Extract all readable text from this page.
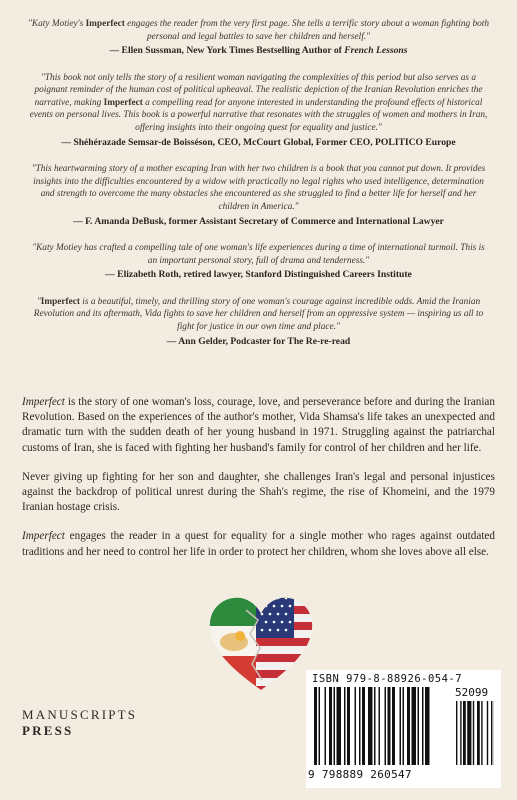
"Katy Motiey's Imperfect engages the reader from the very first page. She tells a terrific story about a woman fighting both personal and legal battles to save her children and herself."

— Ellen Sussman, New York Times Bestselling Author of French Lessons

"This book not only tells the story of a resilient woman navigating the complexities of this period but also serves as a poignant reminder of the human cost of political upheaval. The realistic depiction of the Iranian Revolution enriches the narrative, making Imperfect a compelling read for anyone interested in understanding the profound effects of historical events on personal lives. This book is a powerful narrative that resonates with the struggles of women and mothers in Iran, offering insights into their ongoing quest for equality and justice."

— Shéhérazade Semsar-de Boisséson, CEO, McCourt Global, Former CEO, POLITICO Europe

"This heartwarming story of a mother escaping Iran with her two children is a book that you cannot put down. It provides insights into the difficulties encountered by a widow with practically no legal rights who used intelligence, determination and strength to overcome the many obstacles she encountered as she struggled to find a better life for herself and her children in America."

— F. Amanda DeBusk, former Assistant Secretary of Commerce and International Lawyer

"Katy Motiey has crafted a compelling tale of one woman's life experiences during a time of international turmoil. This is an important personal story, full of drama and tenderness."

— Elizabeth Roth, retired lawyer, Stanford Distinguished Careers Institute

"Imperfect is a beautiful, timely, and thrilling story of one woman's courage against incredible odds. Amid the Iranian Revolution and its aftermath, Vida fights to save her children and herself from an oppressive system — inspiring us all to fight for justice in our own time and place."

— Ann Gelder, Podcaster for The Re-re-read

Imperfect is the story of one woman's loss, courage, love, and perseverance before and during the Iranian Revolution. Based on the experiences of the author's mother, Vida Shamsa's life takes an unexpected and dramatic turn with the sudden death of her young husband in 1971. Struggling against the patriarchal customs of Iran, she is faced with fighting her husband's family for control of her children and her life.

Never giving up fighting for her son and daughter, she challenges Iran's legal and personal injustices against the backdrop of political unrest during the Shah's regime, the rise of Khomeini, and the 1979 Iranian hostage crisis.

Imperfect engages the reader in a quest for equality for a single mother who rages against outdated traditions and her need to control her life in order to protect her children, whom she loves above all else.

MANUSCRIPTS
PRESS
ISBN 979-8-88926-054-7
52099
9 798889 260547
